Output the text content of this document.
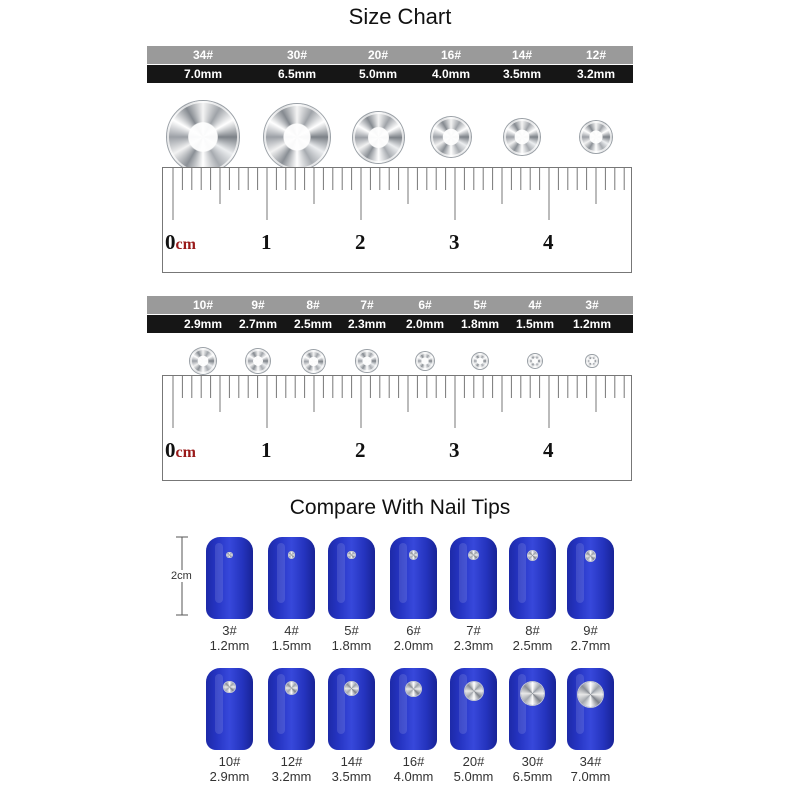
Size Chart
34#	30#	20#	16#	14#	12#
7.0mm	6.5mm	5.0mm	4.0mm	3.5mm	3.2mm
0cm	1	2	3	4
10#	9#	8#	7#	6#	5#	4#	3#
2.9mm	2.7mm	2.5mm	2.3mm	2.0mm	1.8mm	1.5mm	1.2mm
0cm	1	2	3	4
Compare With Nail Tips
2cm
3#
1.2mm
4#
1.5mm
5#
1.8mm
6#
2.0mm
7#
2.3mm
8#
2.5mm
9#
2.7mm
10#
2.9mm
12#
3.2mm
14#
3.5mm
16#
4.0mm
20#
5.0mm
30#
6.5mm
34#
7.0mm
